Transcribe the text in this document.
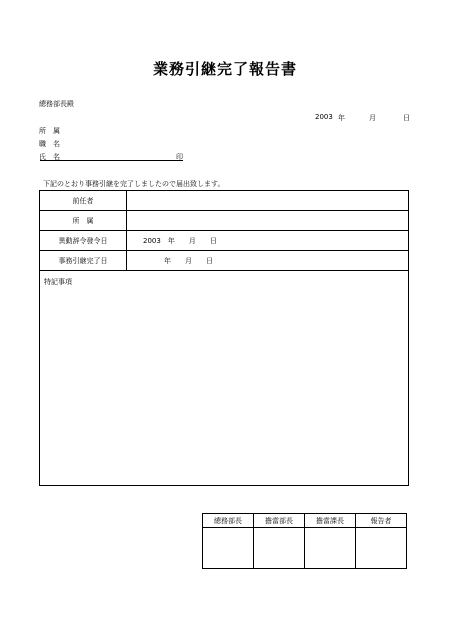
業務引継完了報告書
總務部長殿
2003 年	月	日
所　属
職　名
氏　名	印
下記のとおり事務引継を完了しましたので届出致します。
前任者	
所　属	
異動辞令發令日	2003　年　　月　　日
事務引継完了日	　　　年　　月　　日
特記事項	
總務部長	擔當部長	擔當課長	報告者
